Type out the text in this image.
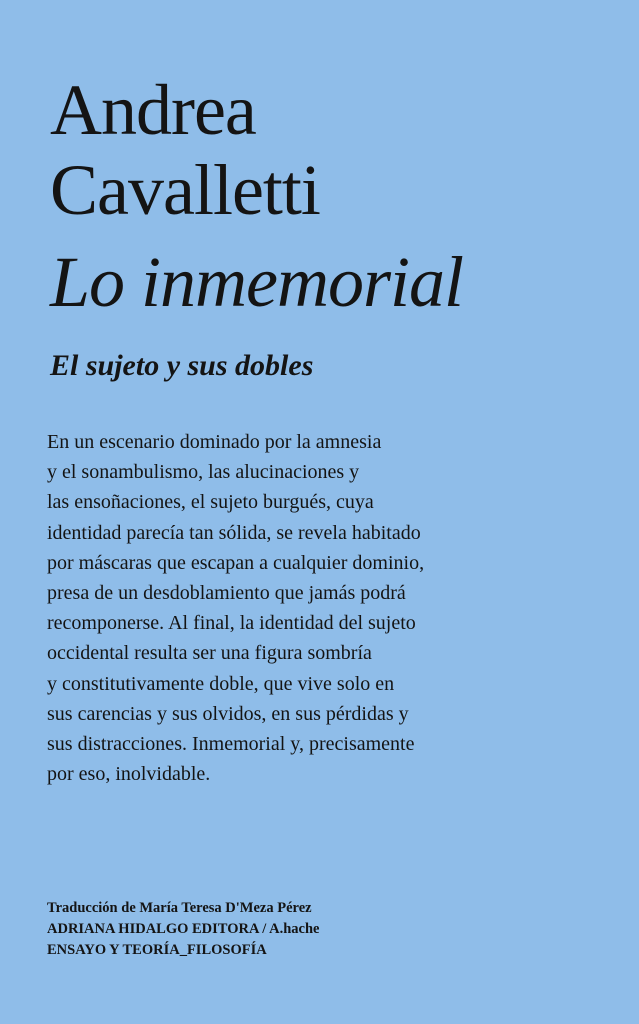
Andrea
Cavalletti
Lo inmemorial
El sujeto y sus dobles

En un escenario dominado por la amnesia
y el sonambulismo, las alucinaciones y
las ensoñaciones, el sujeto burgués, cuya
identidad parecía tan sólida, se revela habitado
por máscaras que escapan a cualquier dominio,
presa de un desdoblamiento que jamás podrá
recomponerse. Al final, la identidad del sujeto
occidental resulta ser una figura sombría
y constitutivamente doble, que vive solo en
sus carencias y sus olvidos, en sus pérdidas y
sus distracciones. Inmemorial y, precisamente
por eso, inolvidable.

Traducción de María Teresa D'Meza Pérez
ADRIANA HIDALGO EDITORA / A.hache
ENSAYO Y TEORÍA_FILOSOFÍA
